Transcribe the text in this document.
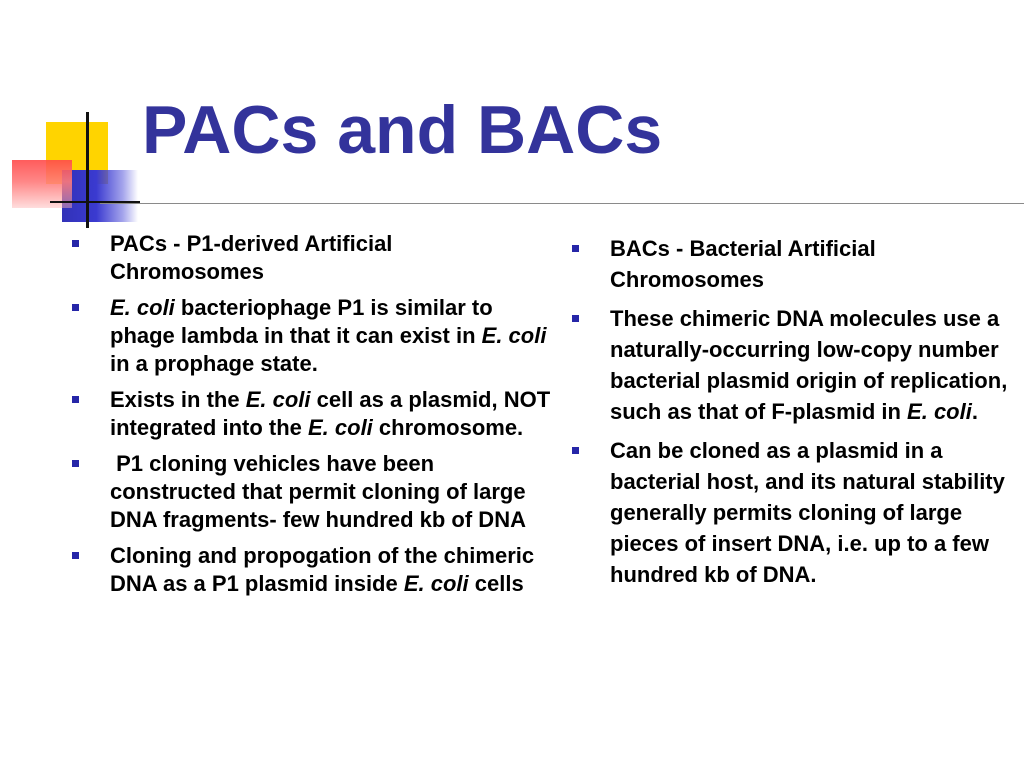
PACs and BACs
PACs - P1-derived Artificial Chromosomes
E. coli bacteriophage P1 is similar to phage lambda in that it can exist in E. coli in a prophage state.
Exists in the E. coli cell as a plasmid, NOT integrated into the E. coli chromosome.
P1 cloning vehicles have been constructed that permit cloning of large DNA fragments- few hundred kb of DNA
Cloning and propogation of the chimeric DNA as a P1 plasmid inside E. coli cells
BACs - Bacterial Artificial Chromosomes
These chimeric DNA molecules use a naturally-occurring low-copy number bacterial plasmid origin of replication, such as that of F-plasmid in E. coli.
Can be cloned as a plasmid in a bacterial host, and its natural stability generally permits cloning of large pieces of insert DNA, i.e. up to a few hundred kb of DNA.
